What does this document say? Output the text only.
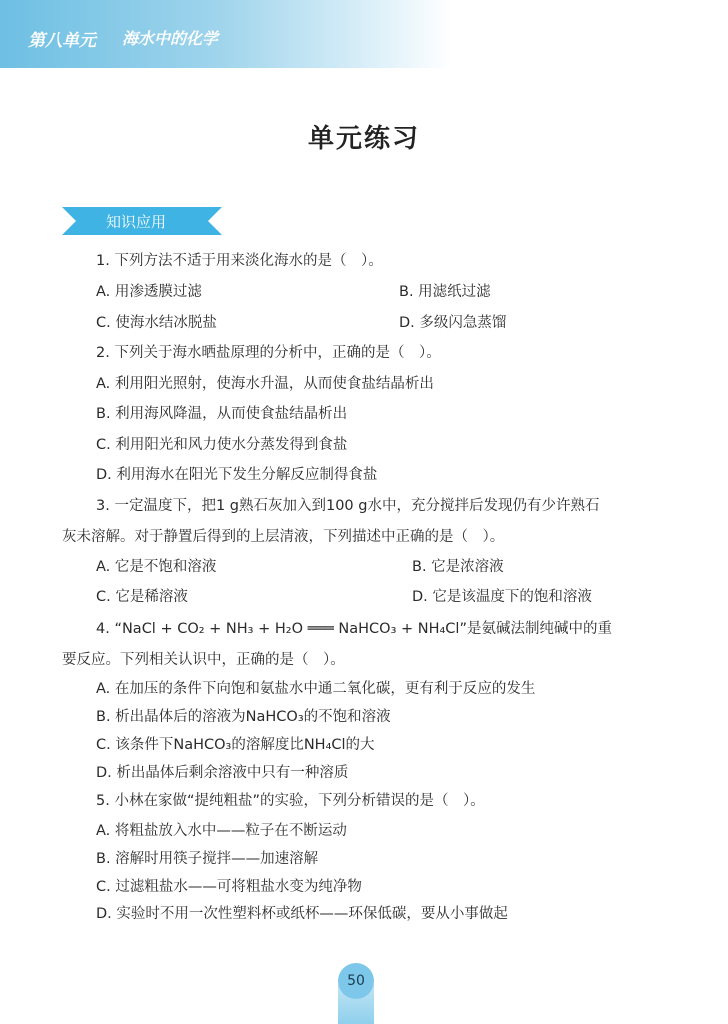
第八单元 海水中的化学
单元练习
知识应用
1. 下列方法不适于用来淡化海水的是（　）。
A. 用渗透膜过滤	B. 用滤纸过滤
C. 使海水结冰脱盐	D. 多级闪急蒸馏
2. 下列关于海水晒盐原理的分析中，正确的是（　）。
A. 利用阳光照射，使海水升温，从而使食盐结晶析出
B. 利用海风降温，从而使食盐结晶析出
C. 利用阳光和风力使水分蒸发得到食盐
D. 利用海水在阳光下发生分解反应制得食盐
3. 一定温度下，把1 g熟石灰加入到100 g水中，充分搅拌后发现仍有少许熟石
灰未溶解。对于静置后得到的上层清液，下列描述中正确的是（　）。
A. 它是不饱和溶液	B. 它是浓溶液
C. 它是稀溶液	D. 它是该温度下的饱和溶液
4. “NaCl + CO₂ + NH₃ + H₂O ═══ NaHCO₃ + NH₄Cl”是氨碱法制纯碱中的重
要反应。下列相关认识中，正确的是（　）。
A. 在加压的条件下向饱和氨盐水中通二氧化碳，更有利于反应的发生
B. 析出晶体后的溶液为NaHCO₃的不饱和溶液
C. 该条件下NaHCO₃的溶解度比NH₄Cl的大
D. 析出晶体后剩余溶液中只有一种溶质
5. 小林在家做“提纯粗盐”的实验，下列分析错误的是（　）。
A. 将粗盐放入水中——粒子在不断运动
B. 溶解时用筷子搅拌——加速溶解
C. 过滤粗盐水——可将粗盐水变为纯净物
D. 实验时不用一次性塑料杯或纸杯——环保低碳，要从小事做起
50
